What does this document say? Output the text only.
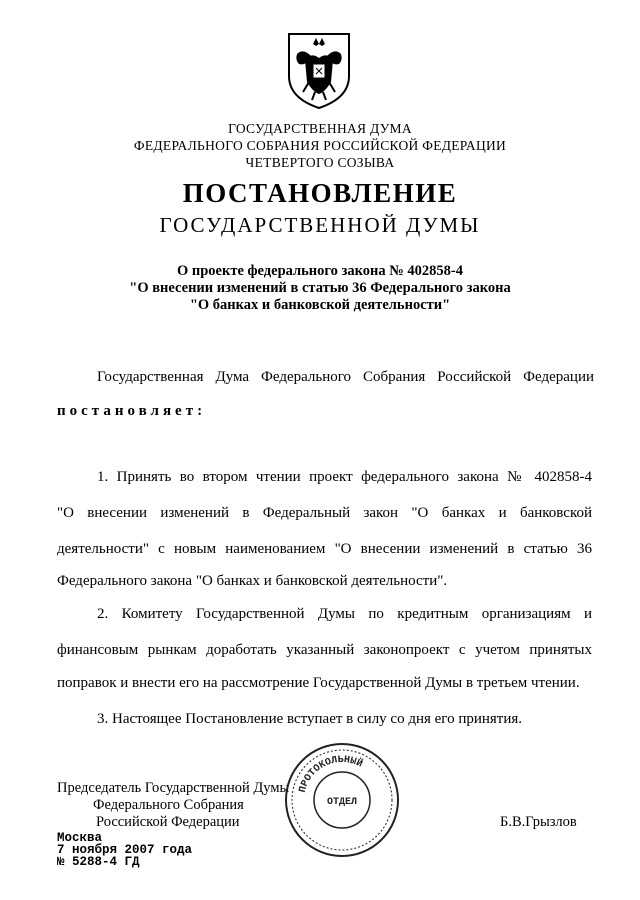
ГОСУДАРСТВЕННАЯ ДУМА
ФЕДЕРАЛЬНОГО СОБРАНИЯ РОССИЙСКОЙ ФЕДЕРАЦИИ
ЧЕТВЕРТОГО СОЗЫВА
ПОСТАНОВЛЕНИЕ
ГОСУДАРСТВЕННОЙ ДУМЫ
О проекте федерального закона № 402858-4
"О внесении изменений в статью 36 Федерального закона
"О банках и банковской деятельности"
Государственная Дума Федерального Собрания Российской Федерации
постановляет:
1. Принять во втором чтении проект федерального закона № 402858-4
"О внесении изменений в Федеральный закон "О банках и банковской
деятельности" с новым наименованием "О внесении изменений в статью 36
Федерального закона "О банках и банковской деятельности".
2. Комитету Государственной Думы по кредитным организациям и
финансовым рынкам доработать указанный законопроект с учетом принятых
поправок и внести его на рассмотрение Государственной Думы в третьем чтении.
3. Настоящее Постановление вступает в силу со дня его принятия.
Председатель Государственной Думы
Федерального Собрания
Российской Федерации	Б.В.Грызлов
Москва
7 ноября 2007 года
№ 5288-4 ГД
ПРОТОКОЛЬНЫЙ
ОТДЕЛ
